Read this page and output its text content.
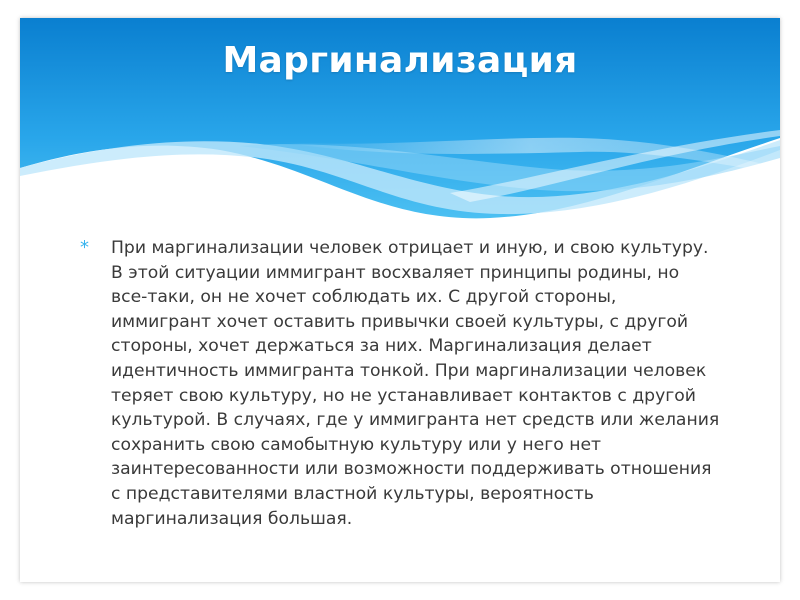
Маргинализация
*	При маргинализации человек отрицает и иную, и свою культуру. В этой ситуации иммигрант восхваляет принципы родины, но все-таки, он не хочет соблюдать их. С другой стороны, иммигрант хочет оставить привычки своей культуры, с другой стороны, хочет держаться за них. Маргинализация делает идентичность иммигранта тонкой. При маргинализации человек теряет свою культуру, но не устанавливает контактов с другой культурой. В случаях, где у иммигранта нет средств или желания сохранить свою самобытную культуру или у него нет заинтересованности или возможности поддерживать отношения с представителями властной культуры, вероятность маргинализация большая.
